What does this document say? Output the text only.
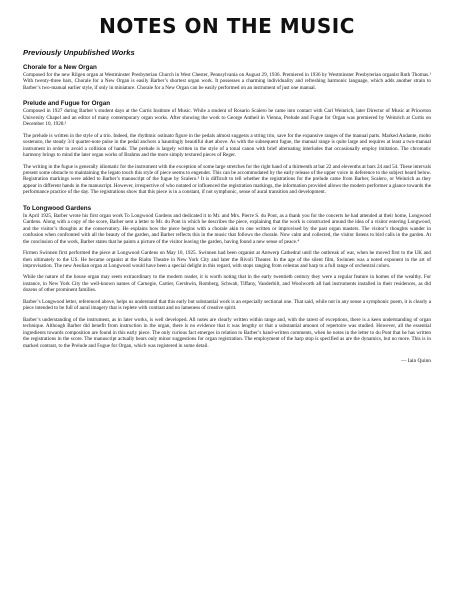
NOTES ON THE MUSIC
Previously Unpublished Works
Chorale for a New Organ

Composed for the new Rilgen organ at Westminster Presbyterian Church in West Chester, Pennsylvania on August 29, 1936. Premiered in 1936 by Westminster Presbyterian organist Ruth Thomas.¹ With twenty-three bars, Chorale for a New Organ is easily Barber’s shortest organ work. It possesses a charming individuality and refreshing harmonic language, which adds another strain to Barber’s two-manual earlier style, if only in miniature. Chorale for a New Organ can be easily performed on an instrument of just one manual.

Prelude and Fugue for Organ

Composed in 1927 during Barber’s student days at the Curtis Institute of Music. While a student of Rosario Scalero he came into contact with Carl Weinrich, later Director of Music at Princeton University Chapel and an editor of many contemporary organ works. After showing the work to George Antheil in Vienna, Prelude and Fugue for Organ was premiered by Weinrich at Curtis on December 10, 1928.²

The prelude is written in the style of a trio. Indeed, the rhythmic ostinato figure in the pedals almost suggests a string trio, save for the expansive ranges of the manual parts. Marked Andante, molto sostenuto, the steady 3/4 quarter-note pulse in the pedal anchors a hauntingly beautiful duet above. As with the subsequent fugue, the manual range is quite large and requires at least a two-manual instrument in order to avoid a collision of hands. The prelude is largely written in the style of a tonal canon with brief alternating interludes that occasionally employ imitation. The chromatic harmony brings to mind the later organ works of Brahms and the more simply textured pieces of Reger.

The writing in the fugue is generally idiomatic for the instrument with the exception of some large stretches for the right hand of a thirteenth at bar 22 and elevenths at bars 24 and 54. These intervals present some obstacle to maintaining the legato touch this style of piece seems to engender. This can be accommodated by the early release of the upper voice in deference to the subject heard below. Registration markings were added to Barber’s manuscript of the fugue by Scalero.³ It is difficult to tell whether the registrations for the prelude came from Barber, Scalero, or Weinrich as they appear in different hands in the manuscript. However, irrespective of who notated or influenced the registration markings, the information provided allows the modern performer a glance towards the performance practice of the day. The registrations show that this piece is in a constant, if not symphonic, sense of aural transition and development.

To Longwood Gardens

In April 1925, Barber wrote his first organ work To Longwood Gardens and dedicated it to Mr. and Mrs. Pierre S. du Pont, as a thank you for the concerts he had attended at their home, Longwood Gardens. Along with a copy of the score, Barber sent a letter to Mr. du Pont in which he describes the piece, explaining that the work is constructed around the idea of a visitor entering Longwood, and the visitor’s thoughts at the conservatory. He explains how the piece begins with a chorale akin to one written or improvised by the past organ masters. The visitor’s thoughts wander in confusion when confronted with all the beauty of the garden, and Barber reflects this in the music that follows the chorale. Now calm and collected, the visitor listens to bird calls in the garden. At the conclusion of the work, Barber states that he paints a picture of the visitor leaving the garden, having found a new sense of peace.⁴

Firmen Swinnen first performed the piece at Longwood Gardens on May 10, 1925. Swinnen had been organist at Antwerp Cathedral until the outbreak of war, when he moved first to the UK and then ultimately to the US. He became organist at the Rialto Theatre in New York City and later the Rivoli Theater. In the age of the silent film, Swinnen was a noted exponent in the art of improvisation. The new Aeolian organ at Longwood would have been a special delight in this regard, with stops ranging from celestas and harp to a full range of orchestral colors.

While the nature of the house organ may seem extraordinary to the modern reader, it is worth noting that in the early twentieth century they were a regular feature in homes of the wealthy. For instance, in New York City the well-known names of Carnegie, Cartier, Gershwin, Romberg, Schwab, Tiffany, Vanderbilt, and Woolworth all had instruments installed in their residences, as did dozens of other prominent families.

Barber’s Longwood letter, referenced above, helps us understand that this early but substantial work is an especially sectional one. That said, while not in any sense a symphonic poem, it is clearly a piece intended to be full of aural imagery that is replete with contrast and no lameness of creative spirit.

Barber’s understanding of the instrument, as in later works, is well developed. All notes are clearly written within range and, with the rarest of exceptions, there is a keen understanding of organ technique. Although Barber did benefit from instruction in the organ, there is no evidence that it was lengthy or that a substantial amount of repertoire was studied. However, all the essential ingredients towards composition are found in this early piece. The only curious fact emerges in relation to Barber’s hand-written comments, when he notes in the letter to du Pont that he has written the registrations in the score. The manuscript actually bears only minor suggestions for organ registration. The employment of the harp stop is specified as are the dynamics, but no more. This is in marked contrast, to the Prelude and Fugue for Organ, which was registered in some detail.

— Iain Quinn
